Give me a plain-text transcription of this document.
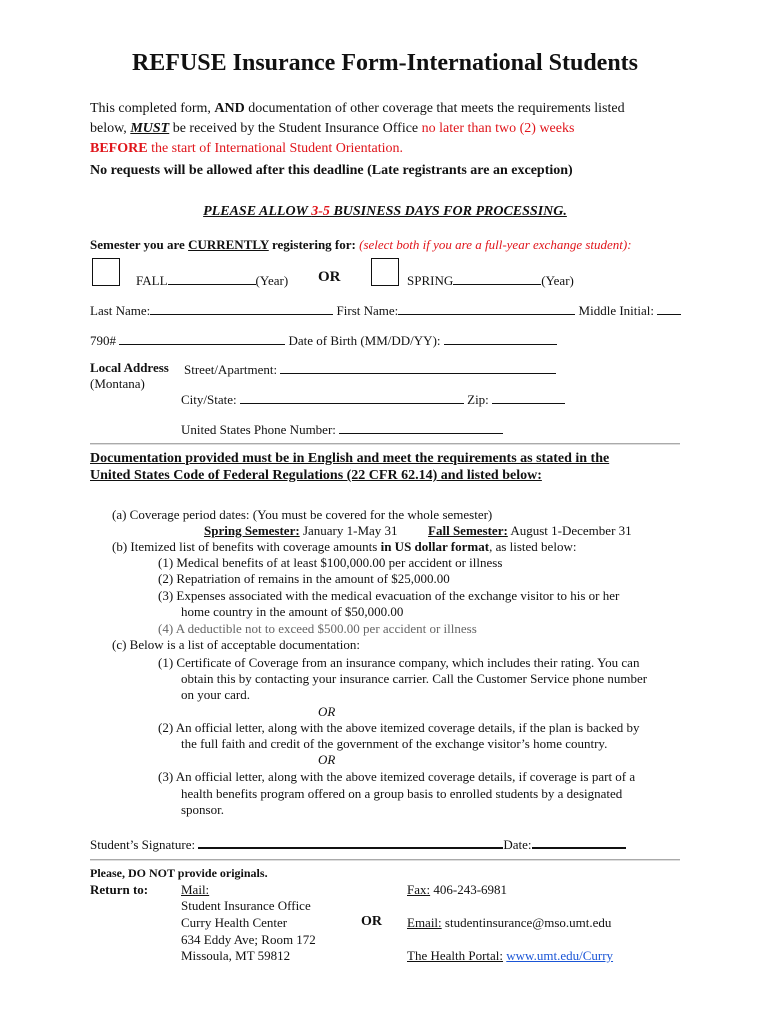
REFUSE Insurance Form-International Students
This completed form, AND documentation of other coverage that meets the requirements listed
below, MUST be received by the Student Insurance Office no later than two (2) weeks
BEFORE the start of International Student Orientation.
No requests will be allowed after this deadline (Late registrants are an exception)
PLEASE ALLOW 3-5 BUSINESS DAYS FOR PROCESSING.
Semester you are CURRENTLY registering for: (select both if you are a full-year exchange student):
FALL	(Year) OR	SPRING	(Year)
Last Name:	First Name:	Middle Initial:
790#	Date of Birth (MM/DD/YY):
Local Address
(Montana)
Street/Apartment:
City/State:	Zip:
United States Phone Number:
Documentation provided must be in English and meet the requirements as stated in the
United States Code of Federal Regulations (22 CFR 62.14) and listed below:
(a) Coverage period dates: (You must be covered for the whole semester)
Spring Semester: January 1-May 31 Fall Semester: August 1-December 31
(b) Itemized list of benefits with coverage amounts in US dollar format, as listed below:
(1) Medical benefits of at least $100,000.00 per accident or illness
(2) Repatriation of remains in the amount of $25,000.00
(3) Expenses associated with the medical evacuation of the exchange visitor to his or her
home country in the amount of $50,000.00
(4) A deductible not to exceed $500.00 per accident or illness
(c) Below is a list of acceptable documentation:
(1) Certificate of Coverage from an insurance company, which includes their rating. You can
obtain this by contacting your insurance carrier. Call the Customer Service phone number
on your card.
OR
(2) An official letter, along with the above itemized coverage details, if the plan is backed by
the full faith and credit of the government of the exchange visitor’s home country.
OR
(3) An official letter, along with the above itemized coverage details, if coverage is part of a
health benefits program offered on a group basis to enrolled students by a designated
sponsor.
Student’s Signature:	Date:
Please, DO NOT provide originals.
Return to:	Mail:
Student Insurance Office
Curry Health Center
634 Eddy Ave; Room 172
Missoula, MT 59812
OR
Fax: 406-243-6981
Email: studentinsurance@mso.umt.edu
The Health Portal: www.umt.edu/Curry
